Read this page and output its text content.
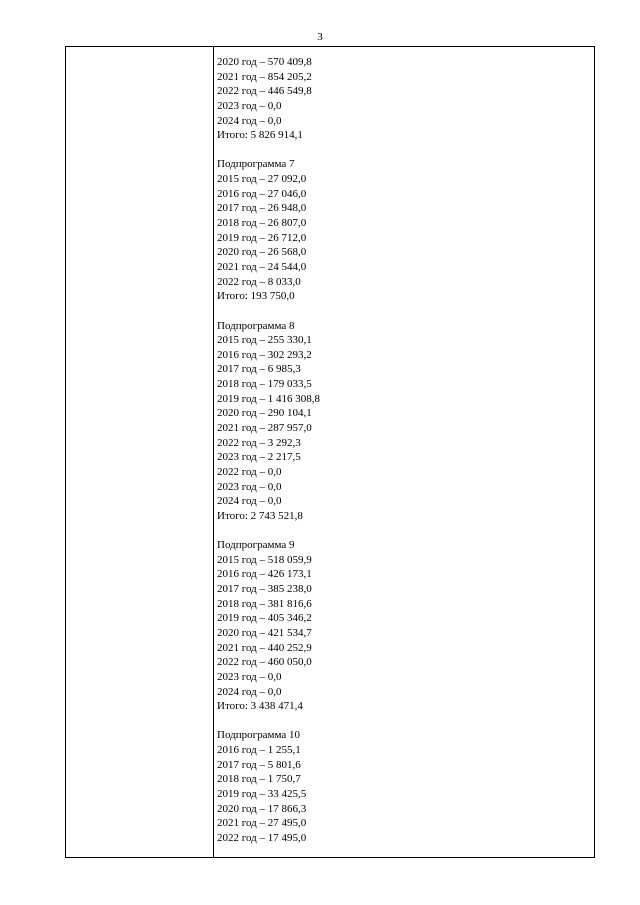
3
2020 год – 570 409,8
2021 год – 854 205,2
2022 год – 446 549,8
2023 год – 0,0
2024 год – 0,0
Итого: 5 826 914,1
Подпрограмма 7
2015 год – 27 092,0
2016 год – 27 046,0
2017 год – 26 948,0
2018 год – 26 807,0
2019 год – 26 712,0
2020 год – 26 568,0
2021 год – 24 544,0
2022 год – 8 033,0
Итого: 193 750,0
Подпрограмма 8
2015 год – 255 330,1
2016 год – 302 293,2
2017 год – 6 985,3
2018 год – 179 033,5
2019 год – 1 416 308,8
2020 год – 290 104,1
2021 год – 287 957,0
2022 год – 3 292,3
2023 год – 2 217,5
2022 год – 0,0
2023 год – 0,0
2024 год – 0,0
Итого: 2 743 521,8
Подпрограмма 9
2015 год – 518 059,9
2016 год – 426 173,1
2017 год – 385 238,0
2018 год – 381 816,6
2019 год – 405 346,2
2020 год – 421 534,7
2021 год – 440 252,9
2022 год – 460 050,0
2023 год – 0,0
2024 год – 0,0
Итого: 3 438 471,4
Подпрограмма 10
2016 год – 1 255,1
2017 год – 5 801,6
2018 год – 1 750,7
2019 год – 33 425,5
2020 год – 17 866,3
2021 год – 27 495,0
2022 год – 17 495,0
